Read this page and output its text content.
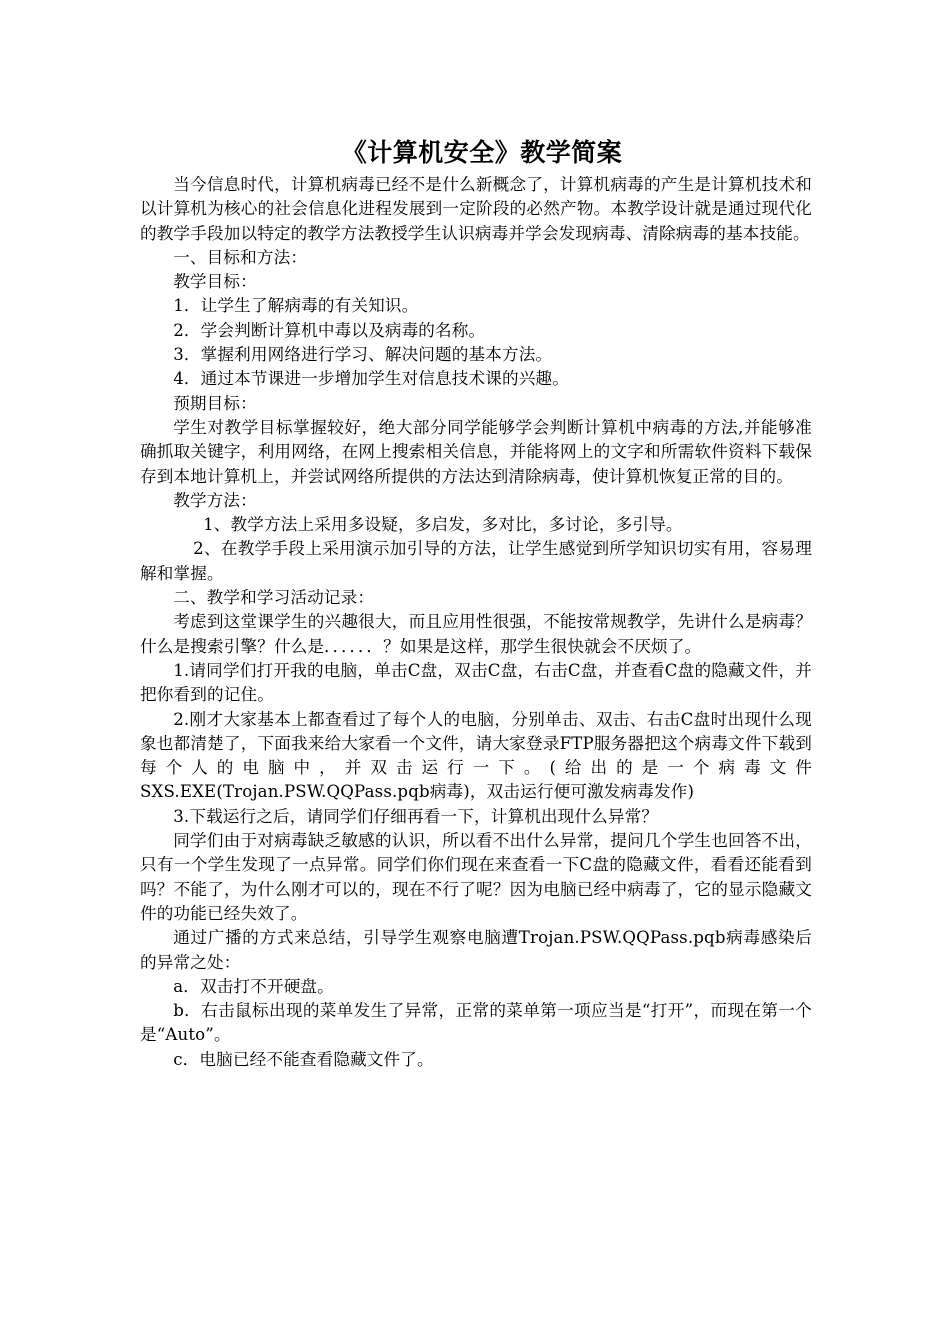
《计算机安全》教学简案

当今信息时代，计算机病毒已经不是什么新概念了，计算机病毒的产生是计算机技术和以计算机为核心的社会信息化进程发展到一定阶段的必然产物。本教学设计就是通过现代化的教学手段加以特定的教学方法教授学生认识病毒并学会发现病毒、清除病毒的基本技能。

一、目标和方法：

教学目标：

1．让学生了解病毒的有关知识。

2．学会判断计算机中毒以及病毒的名称。

3．掌握利用网络进行学习、解决问题的基本方法。

4．通过本节课进一步增加学生对信息技术课的兴趣。

预期目标：

学生对教学目标掌握较好，绝大部分同学能够学会判断计算机中病毒的方法,并能够准确抓取关键字，利用网络，在网上搜索相关信息，并能将网上的文字和所需软件资料下载保存到本地计算机上，并尝试网络所提供的方法达到清除病毒，使计算机恢复正常的目的。

教学方法：

1、教学方法上采用多设疑，多启发，多对比，多讨论，多引导。

2、在教学手段上采用演示加引导的方法，让学生感觉到所学知识切实有用，容易理解和掌握。

二、教学和学习活动记录：

考虑到这堂课学生的兴趣很大，而且应用性很强，不能按常规教学，先讲什么是病毒？什么是搜索引擎？什么是．．．．．．？如果是这样，那学生很快就会不厌烦了。

1.请同学们打开我的电脑，单击C盘，双击C盘，右击C盘，并查看C盘的隐藏文件，并把你看到的记住。

2.刚才大家基本上都查看过了每个人的电脑，分别单击、双击、右击C盘时出现什么现象也都清楚了，下面我来给大家看一个文件，请大家登录FTP服务器把这个病毒文件下载到每个人的电脑中，并双击运行一下。(给出的是一个病毒文件SXS.EXE(Trojan.PSW.QQPass.pqb病毒)，双击运行便可激发病毒发作)

3.下载运行之后，请同学们仔细再看一下，计算机出现什么异常？

同学们由于对病毒缺乏敏感的认识，所以看不出什么异常，提问几个学生也回答不出，只有一个学生发现了一点异常。同学们你们现在来查看一下C盘的隐藏文件，看看还能看到吗？不能了，为什么刚才可以的，现在不行了呢？因为电脑已经中病毒了，它的显示隐藏文件的功能已经失效了。

通过广播的方式来总结，引导学生观察电脑遭Trojan.PSW.QQPass.pqb病毒感染后的异常之处：

a．双击打不开硬盘。

b．右击鼠标出现的菜单发生了异常，正常的菜单第一项应当是“打开”，而现在第一个是“Auto”。

c．电脑已经不能查看隐藏文件了。
